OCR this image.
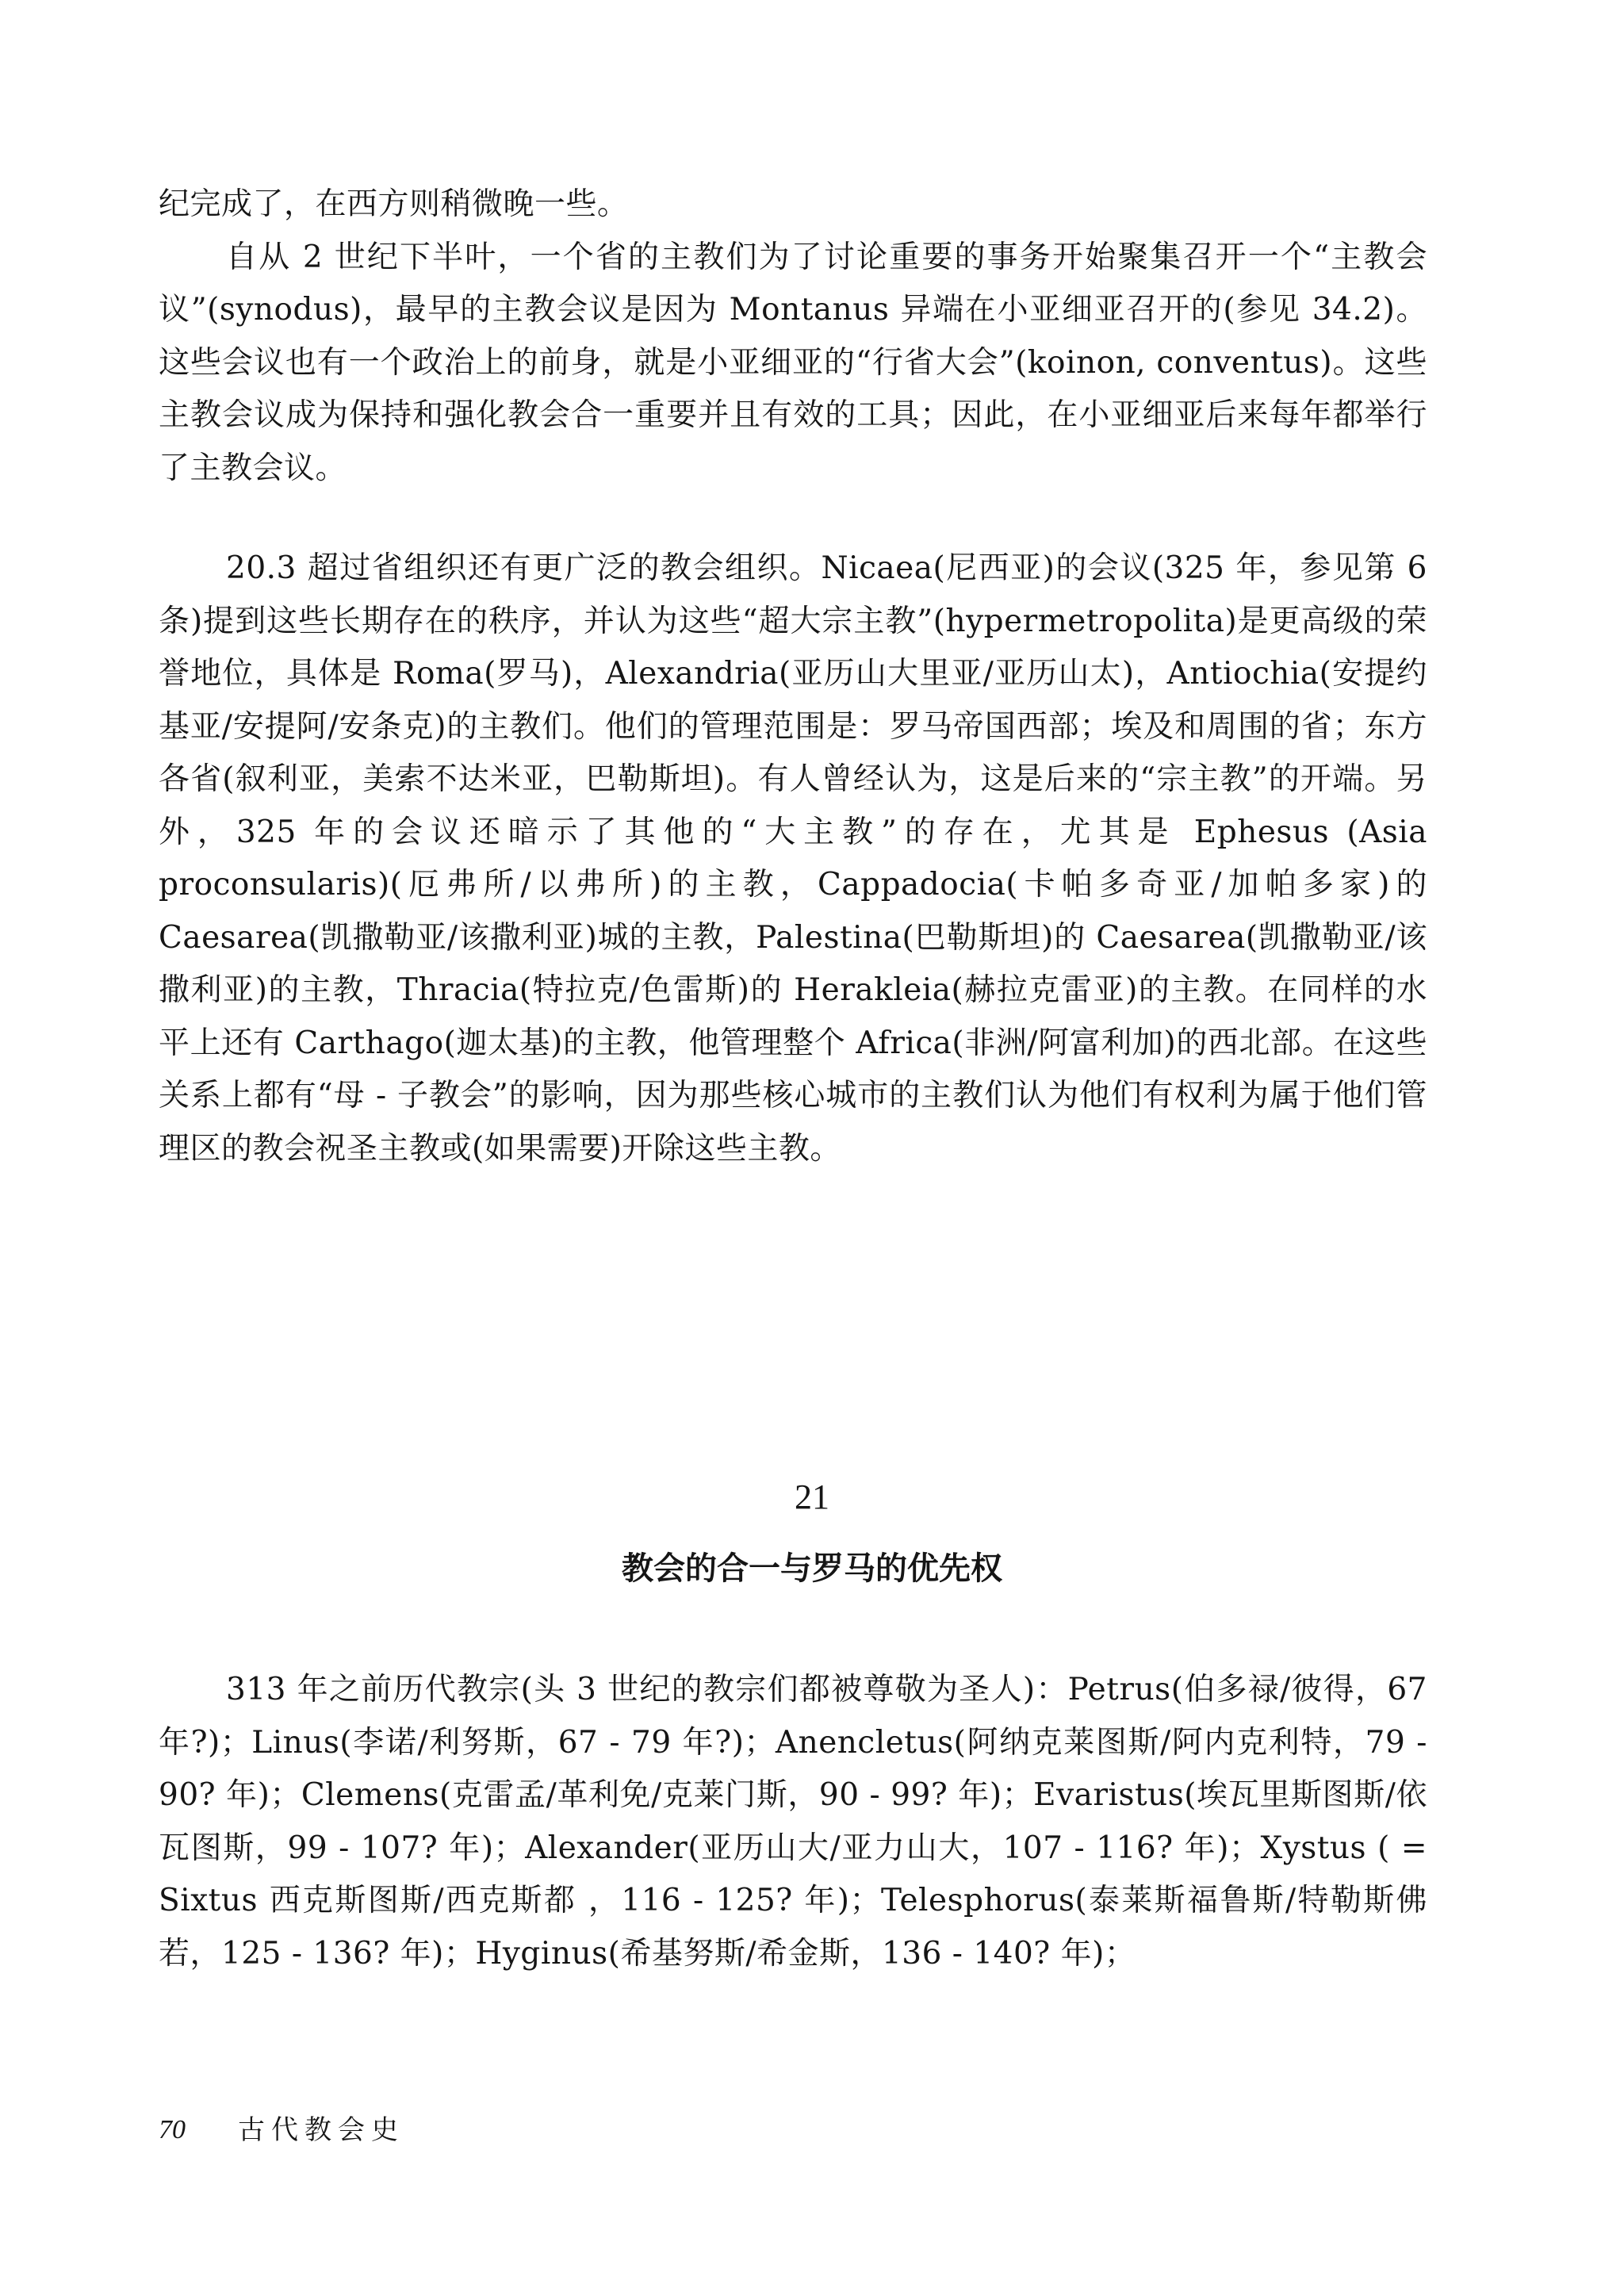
纪完成了，在西方则稍微晚一些。

自从 2 世纪下半叶，一个省的主教们为了讨论重要的事务开始聚集召开一个“主教会议”(synodus)，最早的主教会议是因为 Montanus 异端在小亚细亚召开的(参见 34.2)。这些会议也有一个政治上的前身，就是小亚细亚的“行省大会”(koinon, conventus)。这些主教会议成为保持和强化教会合一重要并且有效的工具；因此，在小亚细亚后来每年都举行了主教会议。

20.3 超过省组织还有更广泛的教会组织。Nicaea(尼西亚)的会议(325 年，参见第 6 条)提到这些长期存在的秩序，并认为这些“超大宗主教”(hypermetropolita)是更高级的荣誉地位，具体是 Roma(罗马)，Alexandria(亚历山大里亚/亚历山太)，Antiochia(安提约基亚/安提阿/安条克)的主教们。他们的管理范围是：罗马帝国西部；埃及和周围的省；东方各省(叙利亚，美索不达米亚，巴勒斯坦)。有人曾经认为，这是后来的“宗主教”的开端。另外，325 年的会议还暗示了其他的“大主教”的存在，尤其是 Ephesus (Asia proconsularis)(厄弗所/以弗所)的主教，Cappadocia(卡帕多奇亚/加帕多家)的 Caesarea(凯撒勒亚/该撒利亚)城的主教，Palestina(巴勒斯坦)的 Caesarea(凯撒勒亚/该撒利亚)的主教，Thracia(特拉克/色雷斯)的 Herakleia(赫拉克雷亚)的主教。在同样的水平上还有 Carthago(迦太基)的主教，他管理整个 Africa(非洲/阿富利加)的西北部。在这些关系上都有“母 - 子教会”的影响，因为那些核心城市的主教们认为他们有权利为属于他们管理区的教会祝圣主教或(如果需要)开除这些主教。

21
教会的合一与罗马的优先权

313 年之前历代教宗(头 3 世纪的教宗们都被尊敬为圣人)：Petrus(伯多禄/彼得，67 年?)；Linus(李诺/利努斯，67 - 79 年?)；Anencletus(阿纳克莱图斯/阿内克利特，79 - 90? 年)；Clemens(克雷孟/革利免/克莱门斯，90 - 99? 年)；Evaristus(埃瓦里斯图斯/依瓦图斯，99 - 107? 年)；Alexander(亚历山大/亚力山大，107 - 116? 年)；Xystus ( = Sixtus 西克斯图斯/西克斯都 ，116 - 125? 年)；Telesphorus(泰莱斯福鲁斯/特勒斯佛若，125 - 136? 年)；Hyginus(希基努斯/希金斯，136 - 140? 年)；

70 古代教会史
